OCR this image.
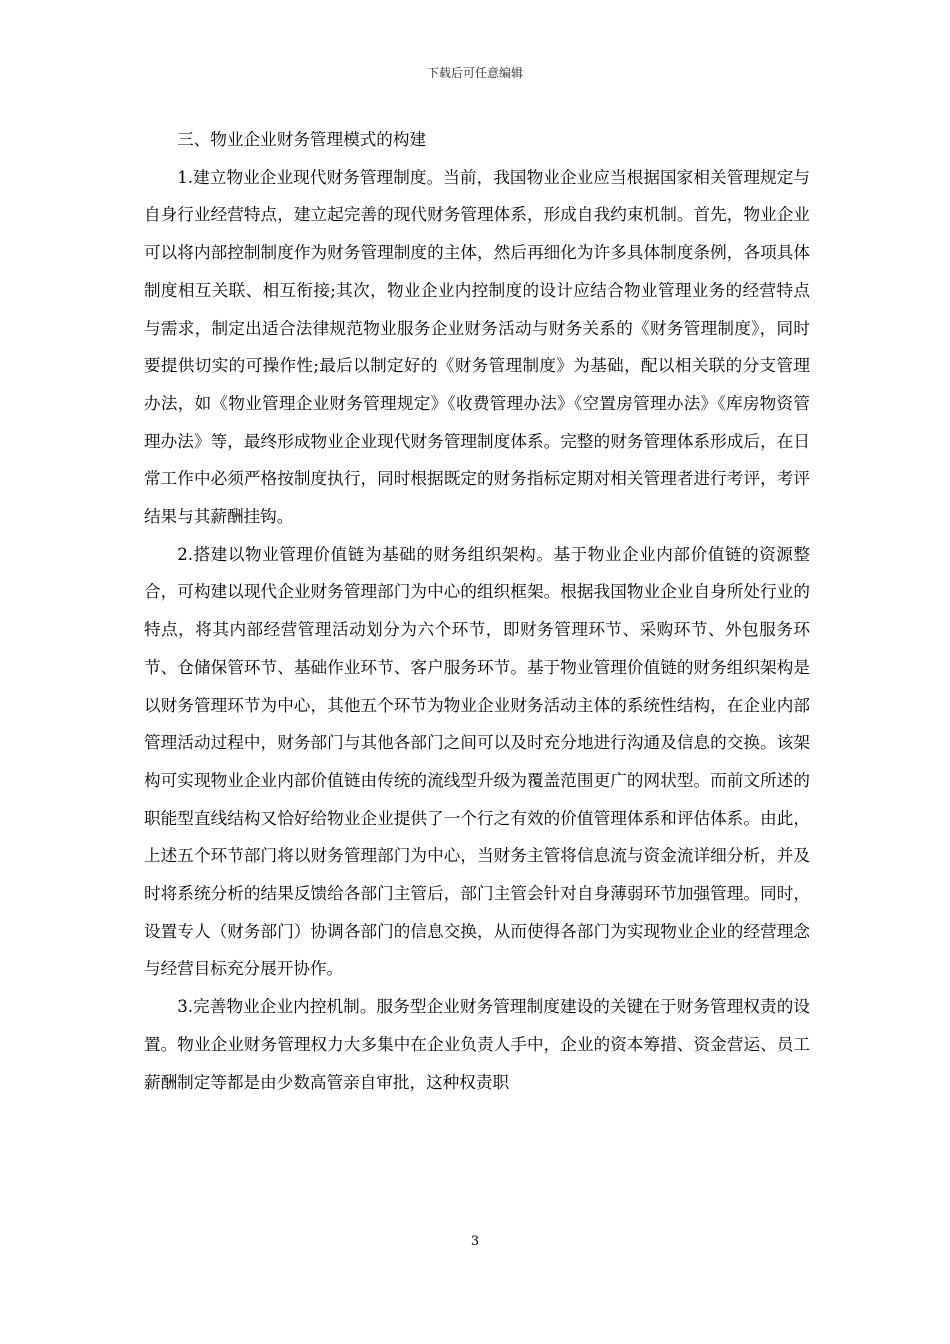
下载后可任意编辑

三、物业企业财务管理模式的构建

1.建立物业企业现代财务管理制度。当前，我国物业企业应当根据国家相关管理规定与自身行业经营特点，建立起完善的现代财务管理体系，形成自我约束机制。首先，物业企业可以将内部控制制度作为财务管理制度的主体，然后再细化为许多具体制度条例，各项具体制度相互关联、相互衔接;其次，物业企业内控制度的设计应结合物业管理业务的经营特点与需求，制定出适合法律规范物业服务企业财务活动与财务关系的《财务管理制度》，同时要提供切实的可操作性;最后以制定好的《财务管理制度》为基础，配以相关联的分支管理办法，如《物业管理企业财务管理规定》《收费管理办法》《空置房管理办法》《库房物资管理办法》等，最终形成物业企业现代财务管理制度体系。完整的财务管理体系形成后，在日常工作中必须严格按制度执行，同时根据既定的财务指标定期对相关管理者进行考评，考评结果与其薪酬挂钩。

2.搭建以物业管理价值链为基础的财务组织架构。基于物业企业内部价值链的资源整合，可构建以现代企业财务管理部门为中心的组织框架。根据我国物业企业自身所处行业的特点，将其内部经营管理活动划分为六个环节，即财务管理环节、采购环节、外包服务环节、仓储保管环节、基础作业环节、客户服务环节。基于物业管理价值链的财务组织架构是以财务管理环节为中心，其他五个环节为物业企业财务活动主体的系统性结构，在企业内部管理活动过程中，财务部门与其他各部门之间可以及时充分地进行沟通及信息的交换。该架构可实现物业企业内部价值链由传统的流线型升级为覆盖范围更广的网状型。而前文所述的职能型直线结构又恰好给物业企业提供了一个行之有效的价值管理体系和评估体系。由此，上述五个环节部门将以财务管理部门为中心，当财务主管将信息流与资金流详细分析，并及时将系统分析的结果反馈给各部门主管后，部门主管会针对自身薄弱环节加强管理。同时，设置专人（财务部门）协调各部门的信息交换，从而使得各部门为实现物业企业的经营理念与经营目标充分展开协作。

3.完善物业企业内控机制。服务型企业财务管理制度建设的关键在于财务管理权责的设置。物业企业财务管理权力大多集中在企业负责人手中，企业的资本筹措、资金营运、员工薪酬制定等都是由少数高管亲自审批，这种权责职

3
